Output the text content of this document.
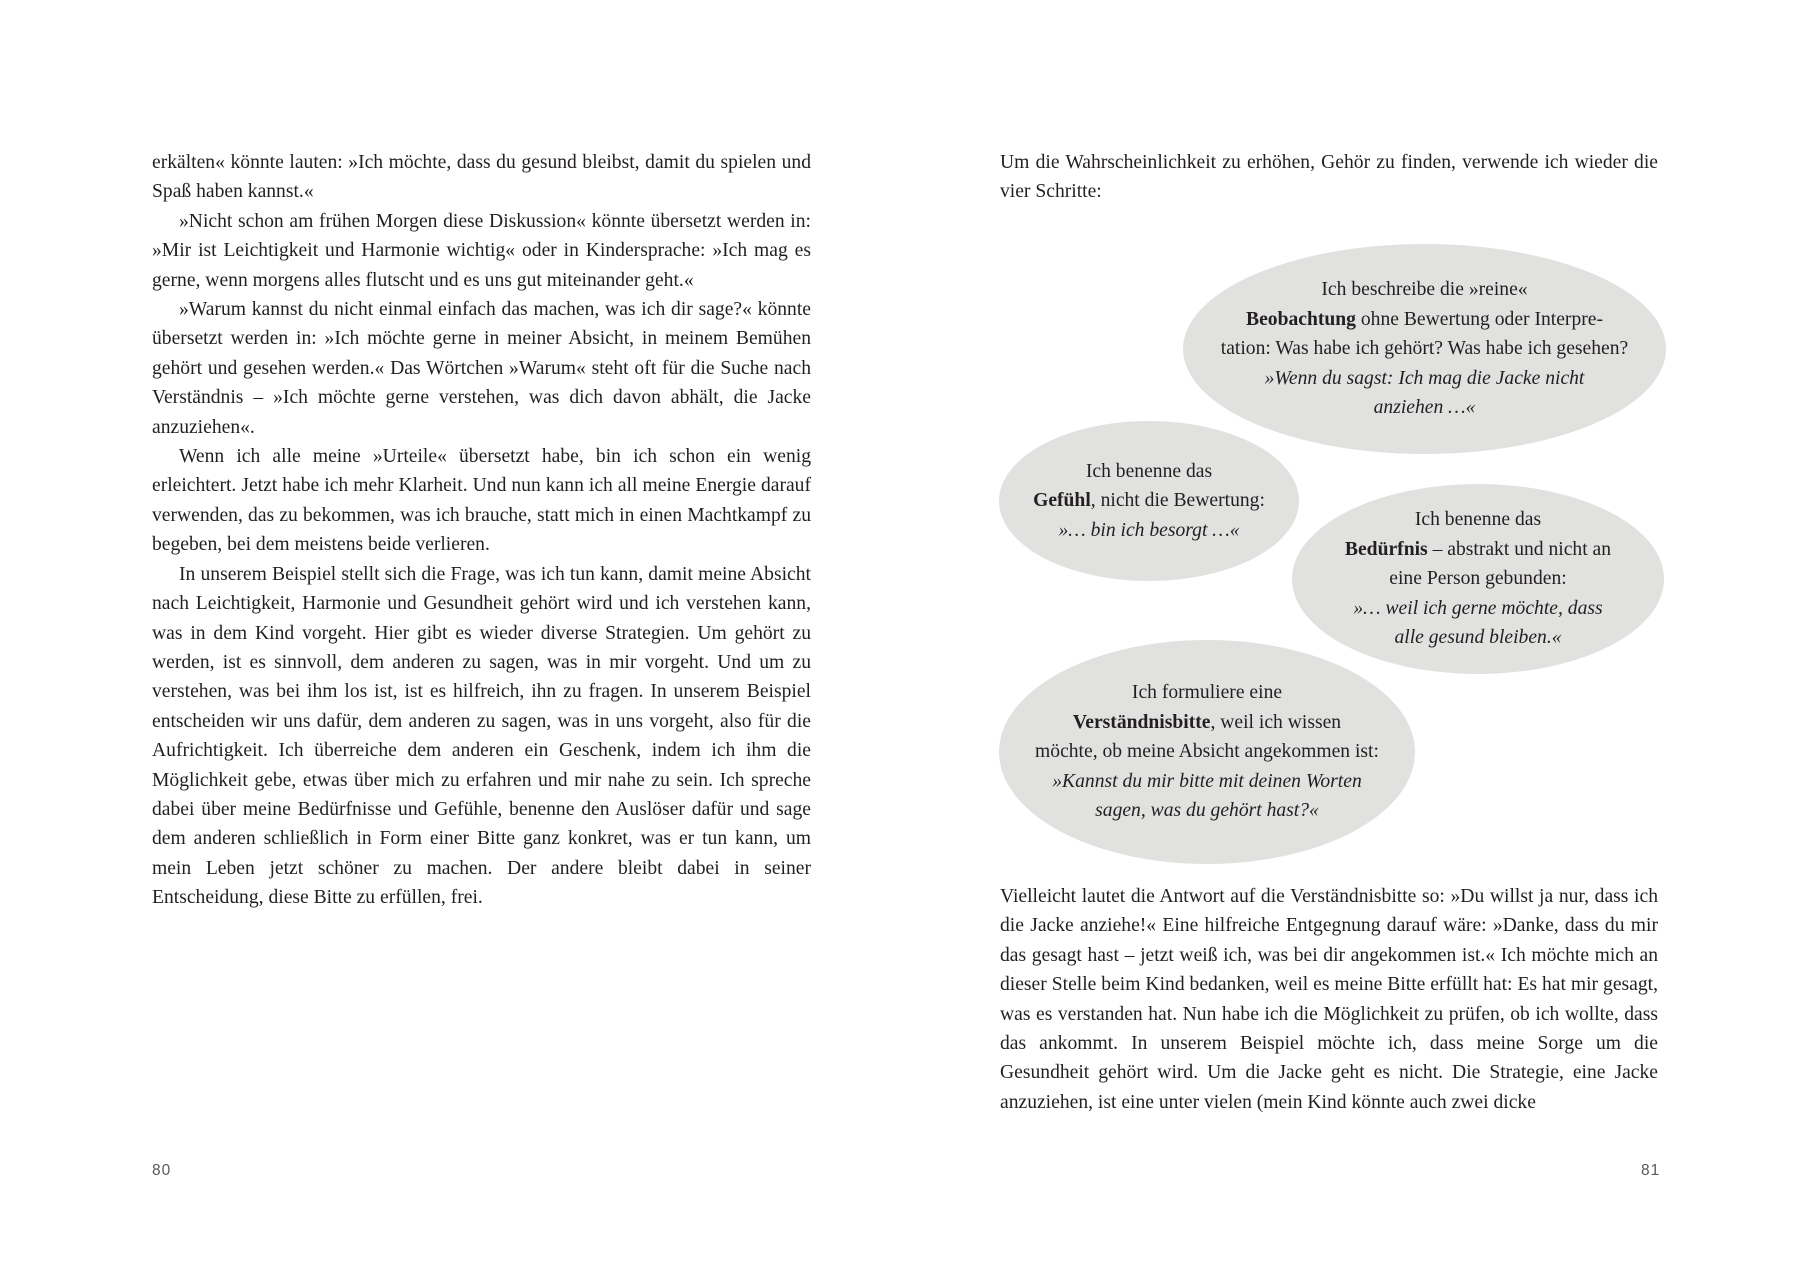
erkälten« könnte lauten: »Ich möchte, dass du gesund bleibst, damit du spielen und Spaß haben kannst.«

»Nicht schon am frühen Morgen diese Diskussion« könnte übersetzt werden in: »Mir ist Leichtigkeit und Harmonie wichtig« oder in Kindersprache: »Ich mag es gerne, wenn morgens alles flutscht und es uns gut miteinander geht.«

»Warum kannst du nicht einmal einfach das machen, was ich dir sage?« könnte übersetzt werden in: »Ich möchte gerne in meiner Absicht, in meinem Bemühen gehört und gesehen werden.« Das Wörtchen »Warum« steht oft für die Suche nach Verständnis – »Ich möchte gerne verstehen, was dich davon abhält, die Jacke anzuziehen«.

Wenn ich alle meine »Urteile« übersetzt habe, bin ich schon ein wenig erleichtert. Jetzt habe ich mehr Klarheit. Und nun kann ich all meine Energie darauf verwenden, das zu bekommen, was ich brauche, statt mich in einen Machtkampf zu begeben, bei dem meistens beide verlieren.

In unserem Beispiel stellt sich die Frage, was ich tun kann, damit meine Absicht nach Leichtigkeit, Harmonie und Gesundheit gehört wird und ich verstehen kann, was in dem Kind vorgeht. Hier gibt es wieder diverse Strategien. Um gehört zu werden, ist es sinnvoll, dem anderen zu sagen, was in mir vorgeht. Und um zu verstehen, was bei ihm los ist, ist es hilfreich, ihn zu fragen. In unserem Beispiel entscheiden wir uns dafür, dem anderen zu sagen, was in uns vorgeht, also für die Aufrichtigkeit. Ich überreiche dem anderen ein Geschenk, indem ich ihm die Möglichkeit gebe, etwas über mich zu erfahren und mir nahe zu sein. Ich spreche dabei über meine Bedürfnisse und Gefühle, benenne den Auslöser dafür und sage dem anderen schließlich in Form einer Bitte ganz konkret, was er tun kann, um mein Leben jetzt schöner zu machen. Der andere bleibt dabei in seiner Entscheidung, diese Bitte zu erfüllen, frei.

80

Um die Wahrscheinlichkeit zu erhöhen, Gehör zu finden, verwende ich wieder die vier Schritte:

Ich beschreibe die »reine«
Beobachtung ohne Bewertung oder Interpre-
tation: Was habe ich gehört? Was habe ich gesehen?
»Wenn du sagst: Ich mag die Jacke nicht
anziehen …«
Ich benenne das
Gefühl, nicht die Bewertung:
»… bin ich besorgt …«	Ich benenne das
Bedürfnis – abstrakt und nicht an
eine Person gebunden:
»… weil ich gerne möchte, dass
alle gesund bleiben.«
Ich formuliere eine
Verständnisbitte, weil ich wissen
möchte, ob meine Absicht angekommen ist:
»Kannst du mir bitte mit deinen Worten
sagen, was du gehört hast?«

Vielleicht lautet die Antwort auf die Verständnisbitte so: »Du willst ja nur, dass ich die Jacke anziehe!« Eine hilfreiche Entgegnung darauf wäre: »Danke, dass du mir das gesagt hast – jetzt weiß ich, was bei dir angekommen ist.« Ich möchte mich an dieser Stelle beim Kind bedanken, weil es meine Bitte erfüllt hat: Es hat mir gesagt, was es verstanden hat. Nun habe ich die Möglichkeit zu prüfen, ob ich wollte, dass das ankommt. In unserem Beispiel möchte ich, dass meine Sorge um die Gesundheit gehört wird. Um die Jacke geht es nicht. Die Strategie, eine Jacke anzuziehen, ist eine unter vielen (mein Kind könnte auch zwei dicke

81
